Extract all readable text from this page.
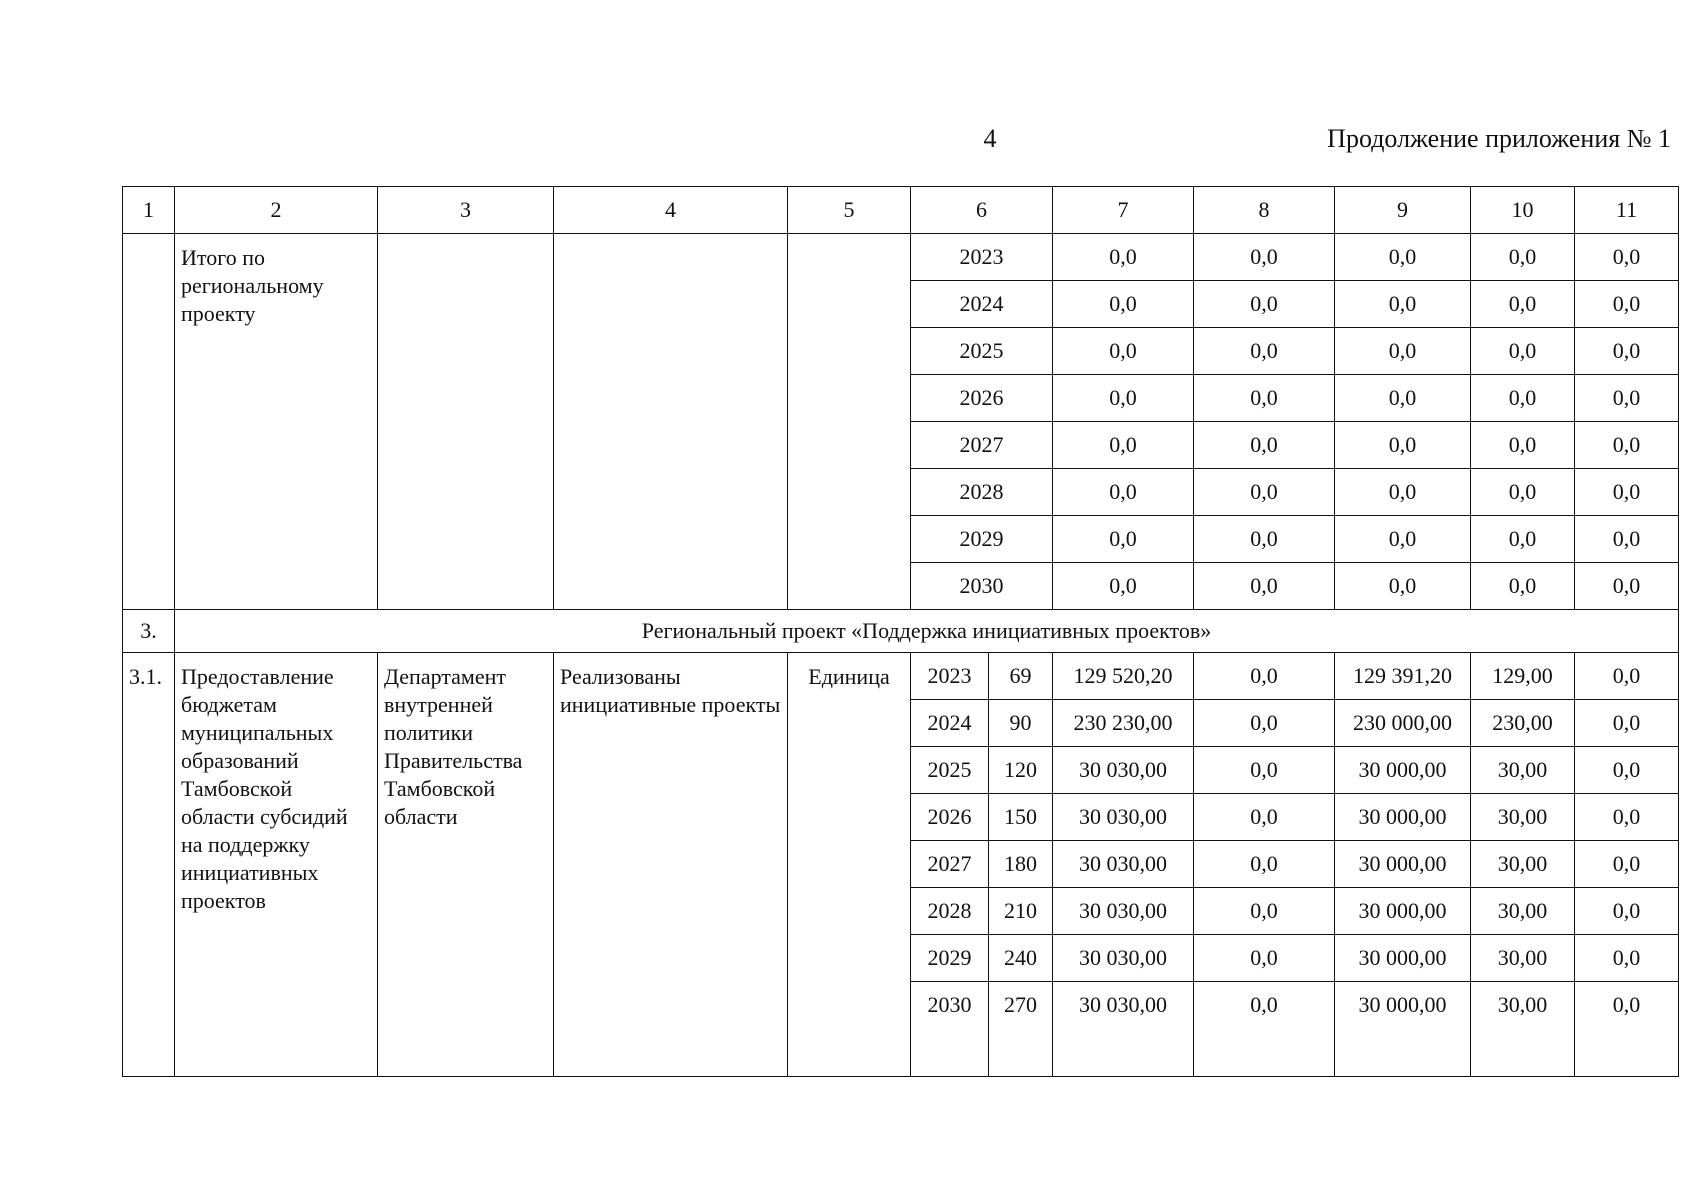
4	Продолжение приложения № 1
1	2	3	4	5	6		7	8	9	10	11
	Итого по региональному проекту				2023		0,0	0,0	0,0	0,0	0,0
					2024		0,0	0,0	0,0	0,0	0,0
					2025		0,0	0,0	0,0	0,0	0,0
					2026		0,0	0,0	0,0	0,0	0,0
					2027		0,0	0,0	0,0	0,0	0,0
					2028		0,0	0,0	0,0	0,0	0,0
					2029		0,0	0,0	0,0	0,0	0,0
					2030		0,0	0,0	0,0	0,0	0,0
3.	Региональный проект «Поддержка инициативных проектов»										
3.1.	Предоставление бюджетам муниципальных образований Тамбовской области субсидий на поддержку инициативных проектов	Департамент внутренней политики Правительства Тамбовской области	Реализованы инициативные проекты	Единица	2023	69	129 520,20	0,0	129 391,20	129,00	0,0
					2024	90	230 230,00	0,0	230 000,00	230,00	0,0
					2025	120	30 030,00	0,0	30 000,00	30,00	0,0
					2026	150	30 030,00	0,0	30 000,00	30,00	0,0
					2027	180	30 030,00	0,0	30 000,00	30,00	0,0
					2028	210	30 030,00	0,0	30 000,00	30,00	0,0
					2029	240	30 030,00	0,0	30 000,00	30,00	0,0
					2030	270	30 030,00	0,0	30 000,00	30,00	0,0
